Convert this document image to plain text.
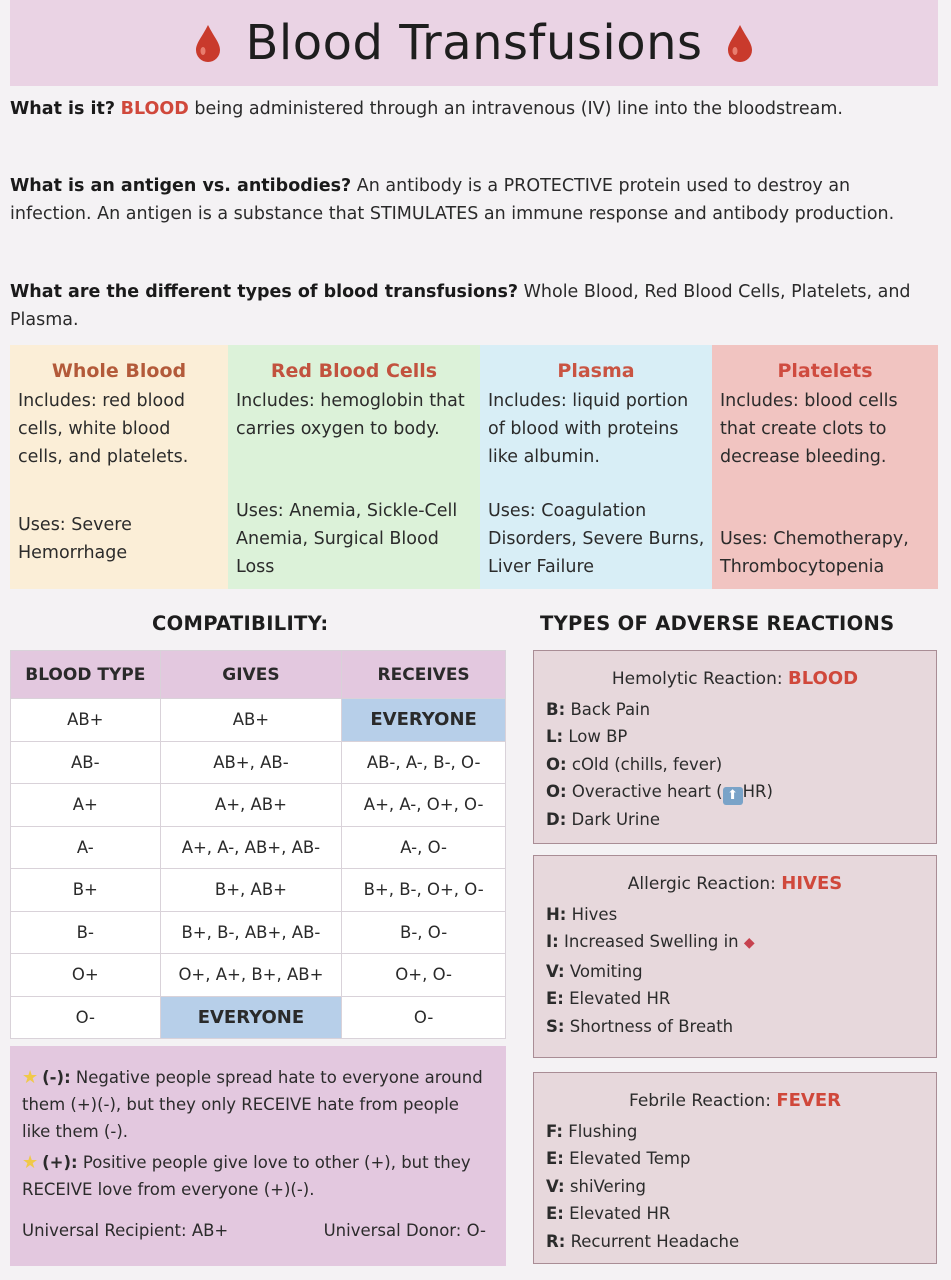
Blood Transfusions
What is it? BLOOD being administered through an intravenous (IV) line into the bloodstream.
What is an antigen vs. antibodies? An antibody is a PROTECTIVE protein used to destroy an infection. An antigen is a substance that STIMULATES an immune response and antibody production.
What are the different types of blood transfusions? Whole Blood, Red Blood Cells, Platelets, and Plasma.
Whole Blood
Includes: red blood cells, white blood cells, and platelets.
Uses: Severe Hemorrhage
Red Blood Cells
Includes: hemoglobin that carries oxygen to body.
Uses: Anemia, Sickle-Cell Anemia, Surgical Blood Loss
Plasma
Includes: liquid portion of blood with proteins like albumin.
Uses: Coagulation Disorders, Severe Burns, Liver Failure
Platelets
Includes: blood cells that create clots to decrease bleeding.
Uses: Chemotherapy, Thrombocytopenia
COMPATIBILITY:	TYPES OF ADVERSE REACTIONS
BLOOD TYPE	GIVES	RECEIVES
AB+	AB+	EVERYONE
AB-	AB+, AB-	AB-, A-, B-, O-
A+	A+, AB+	A+, A-, O+, O-
A-	A+, A-, AB+, AB-	A-, O-
B+	B+, AB+	B+, B-, O+, O-
B-	B+, B-, AB+, AB-	B-, O-
O+	O+, A+, B+, AB+	O+, O-
O-	EVERYONE	O-
★ (-): Negative people spread hate to everyone around them (+)(-), but they only RECEIVE hate from people like them (-).
★ (+): Positive people give love to other (+), but they RECEIVE love from everyone (+)(-).
Universal Recipient: AB+	Universal Donor: O-
Hemolytic Reaction: BLOOD
B: Back Pain
L: Low BP
O: cOld (chills, fever)
O: Overactive heart ( ⬆ HR)
D: Dark Urine
Allergic Reaction: HIVES
H: Hives
I: Increased Swelling in ◆
V: Vomiting
E: Elevated HR
S: Shortness of Breath
Febrile Reaction: FEVER
F: Flushing
E: Elevated Temp
V: shiVering
E: Elevated HR
R: Recurrent Headache
